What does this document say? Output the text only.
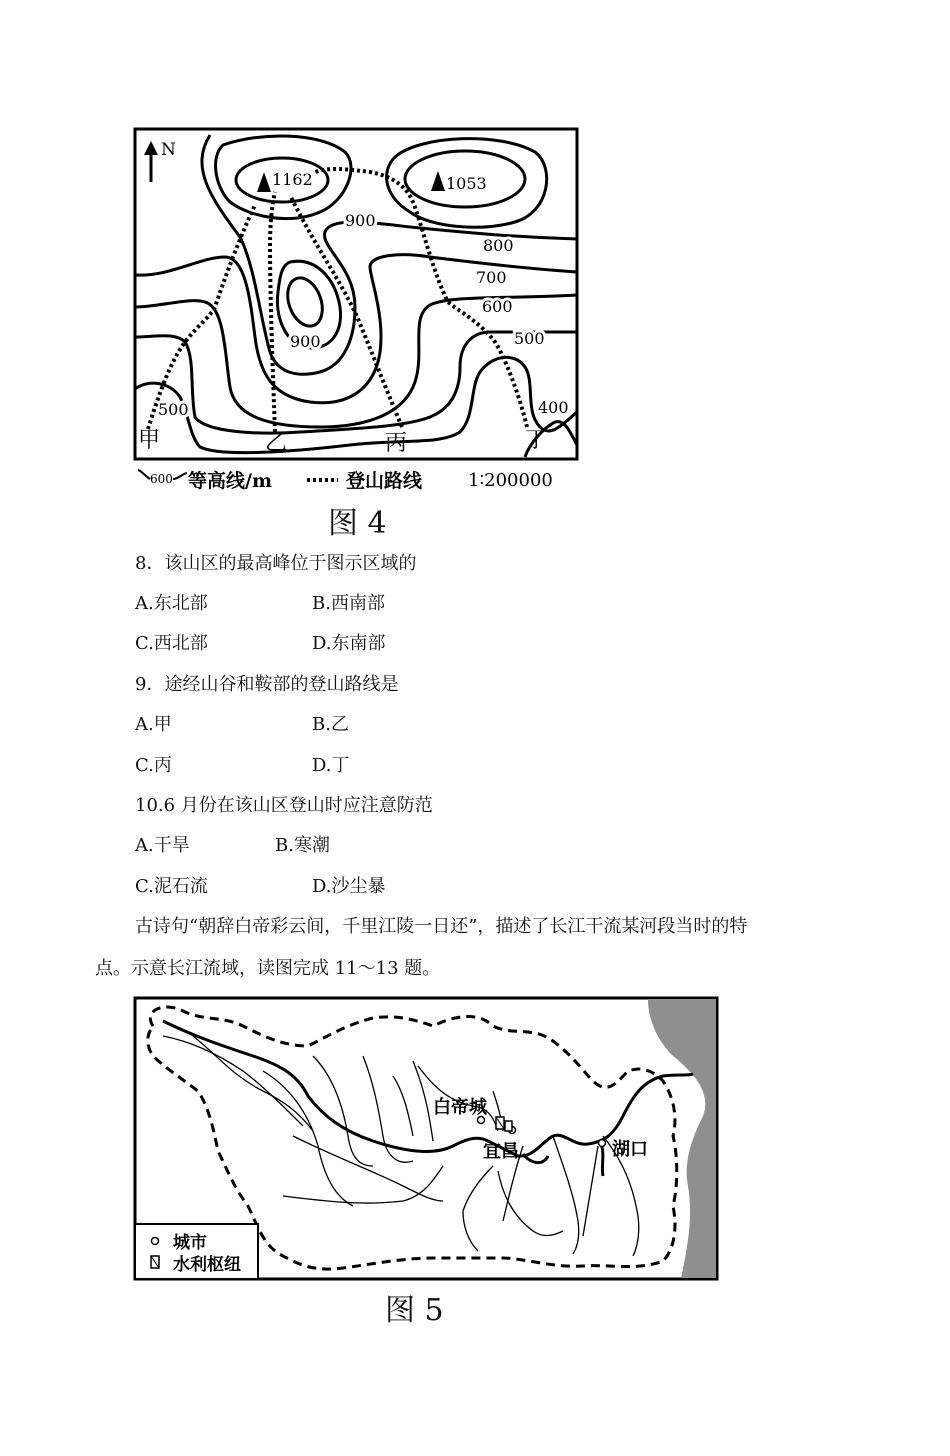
N
1162	1053
900
800
700
600
500
900
500	400
甲	乙	丙	丁
600 等高线/m	登山路线	1∶200000
图 4
8．该山区的最高峰位于图示区域的
A.东北部	B.西南部
C.西北部	D.东南部
9．途经山谷和鞍部的登山路线是
A.甲	B.乙
C.丙	D.丁
10.6 月份在该山区登山时应注意防范
A.干旱	B.寒潮
C.泥石流	D.沙尘暴
古诗句“朝辞白帝彩云间，千里江陵一日还”，描述了长江干流某河段当时的特
点。示意长江流域，读图完成 11～13 题。
白帝城
宜昌	湖口
城市
水利枢纽
图 5
